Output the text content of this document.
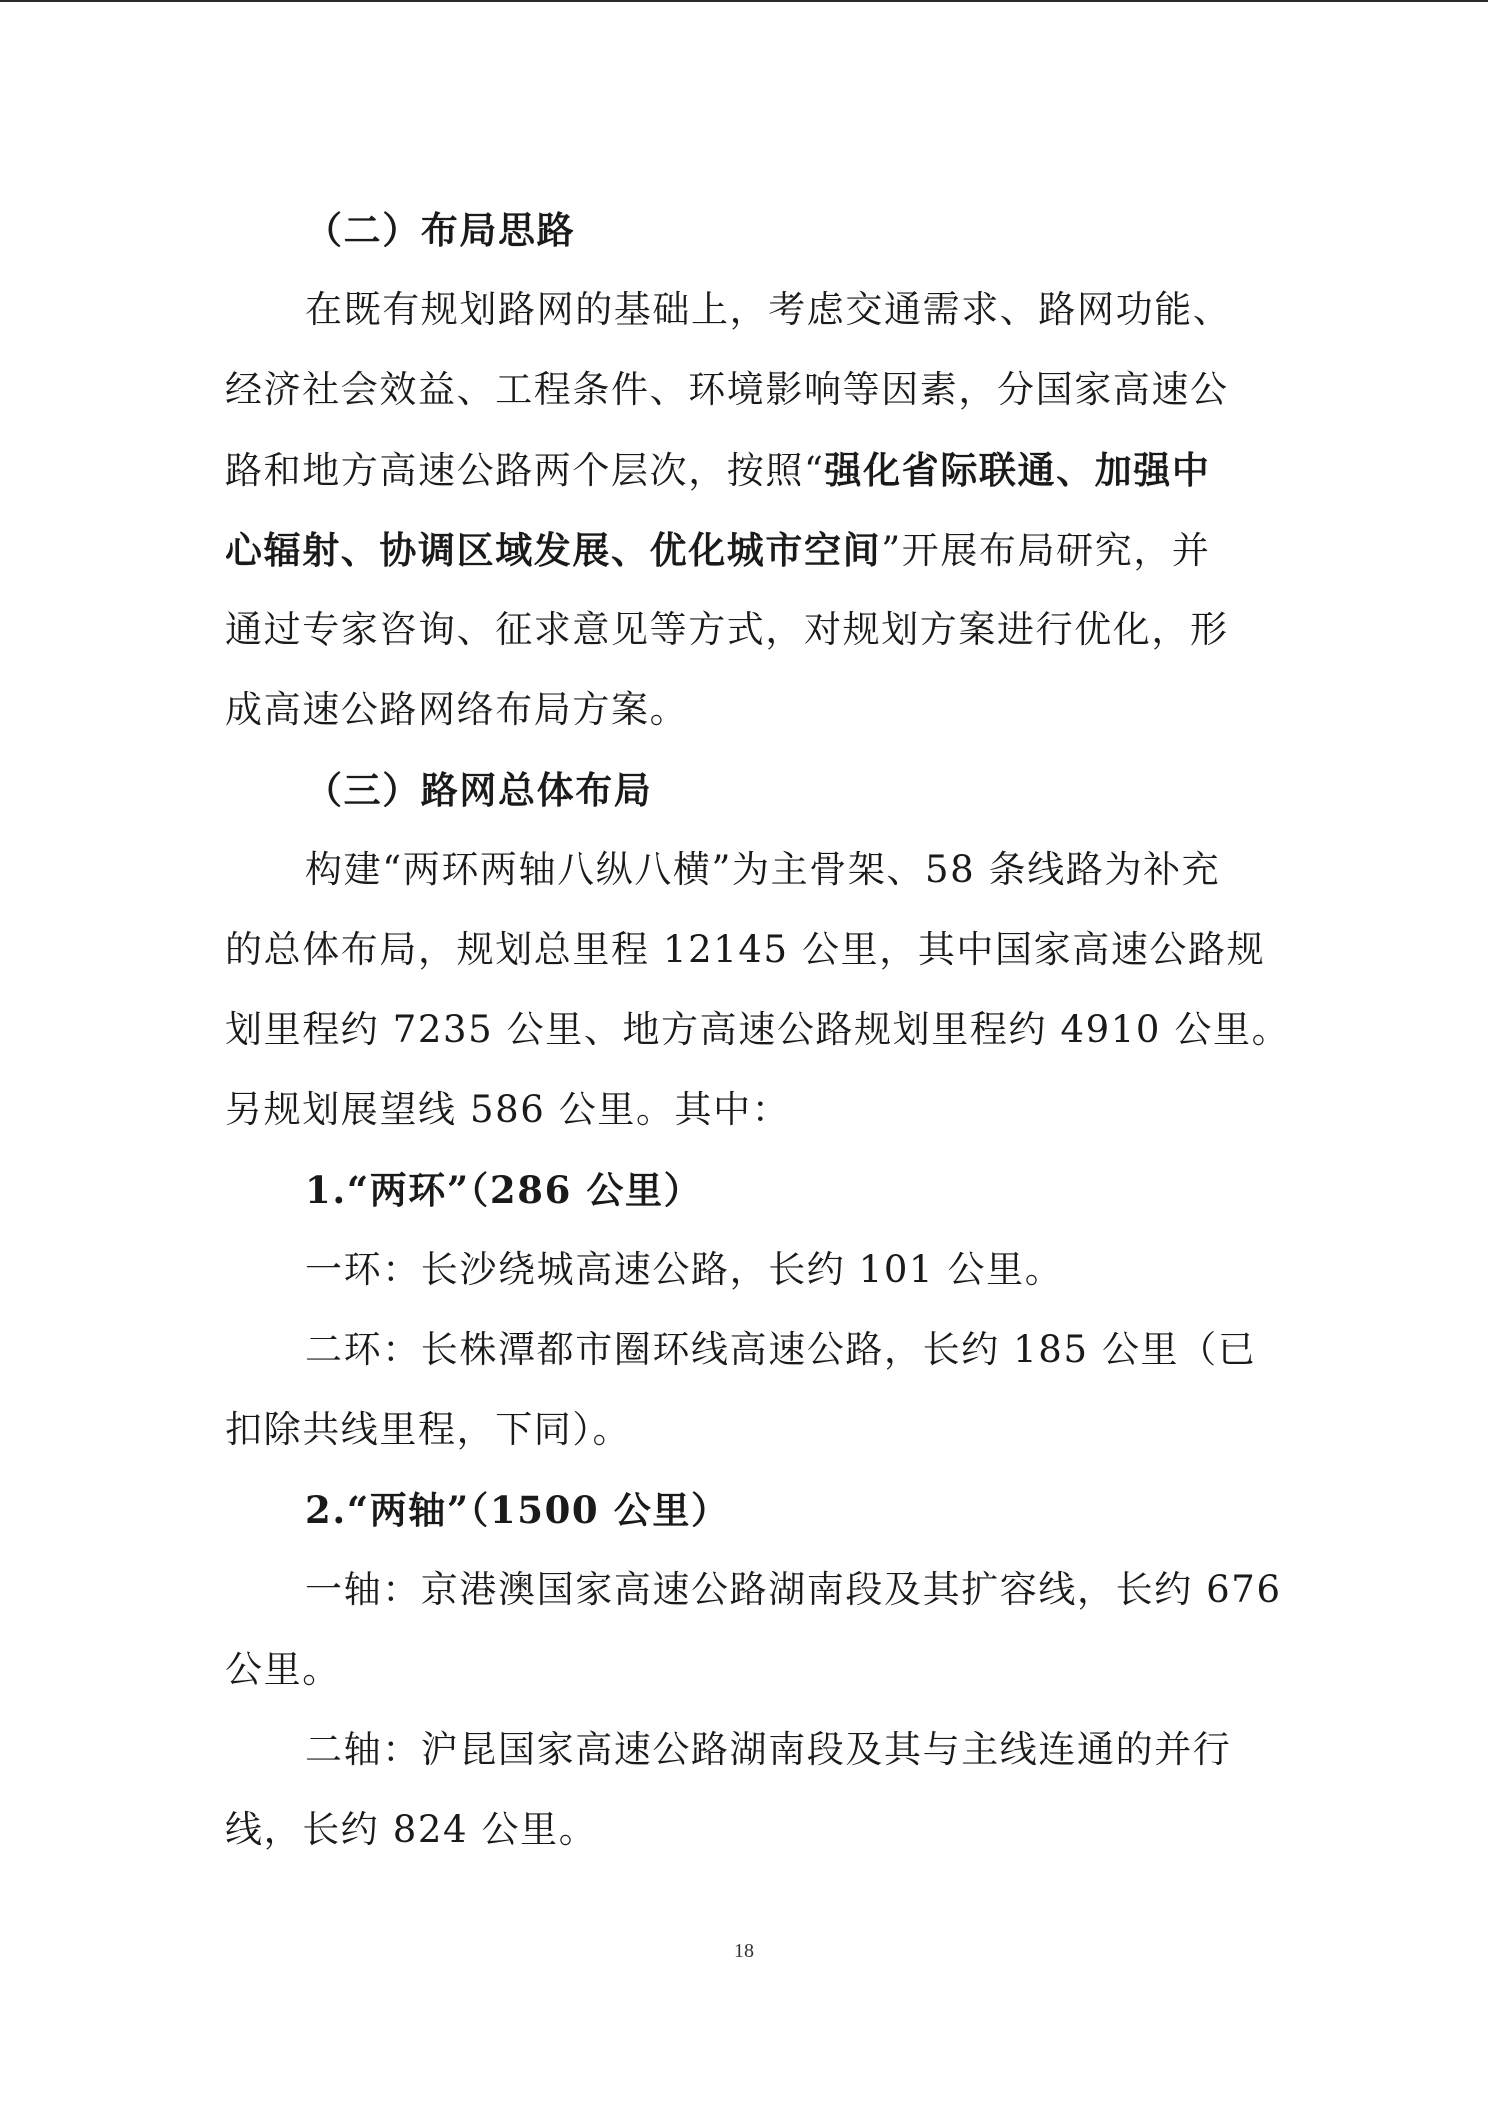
（二）布局思路
在既有规划路网的基础上，考虑交通需求、路网功能、
经济社会效益、工程条件、环境影响等因素，分国家高速公
路和地方高速公路两个层次，按照“强化省际联通、加强中
心辐射、协调区域发展、优化城市空间”开展布局研究，并
通过专家咨询、征求意见等方式，对规划方案进行优化，形
成高速公路网络布局方案。
（三）路网总体布局
构建“两环两轴八纵八横”为主骨架、58 条线路为补充
的总体布局，规划总里程 12145 公里，其中国家高速公路规
划里程约 7235 公里、地方高速公路规划里程约 4910 公里。
另规划展望线 586 公里。其中：
1.“两环”（286 公里）
一环：长沙绕城高速公路，长约 101 公里。
二环：长株潭都市圈环线高速公路，长约 185 公里（已
扣除共线里程，下同）。
2.“两轴”（1500 公里）
一轴：京港澳国家高速公路湖南段及其扩容线，长约 676
公里。
二轴：沪昆国家高速公路湖南段及其与主线连通的并行
线，长约 824 公里。
18
